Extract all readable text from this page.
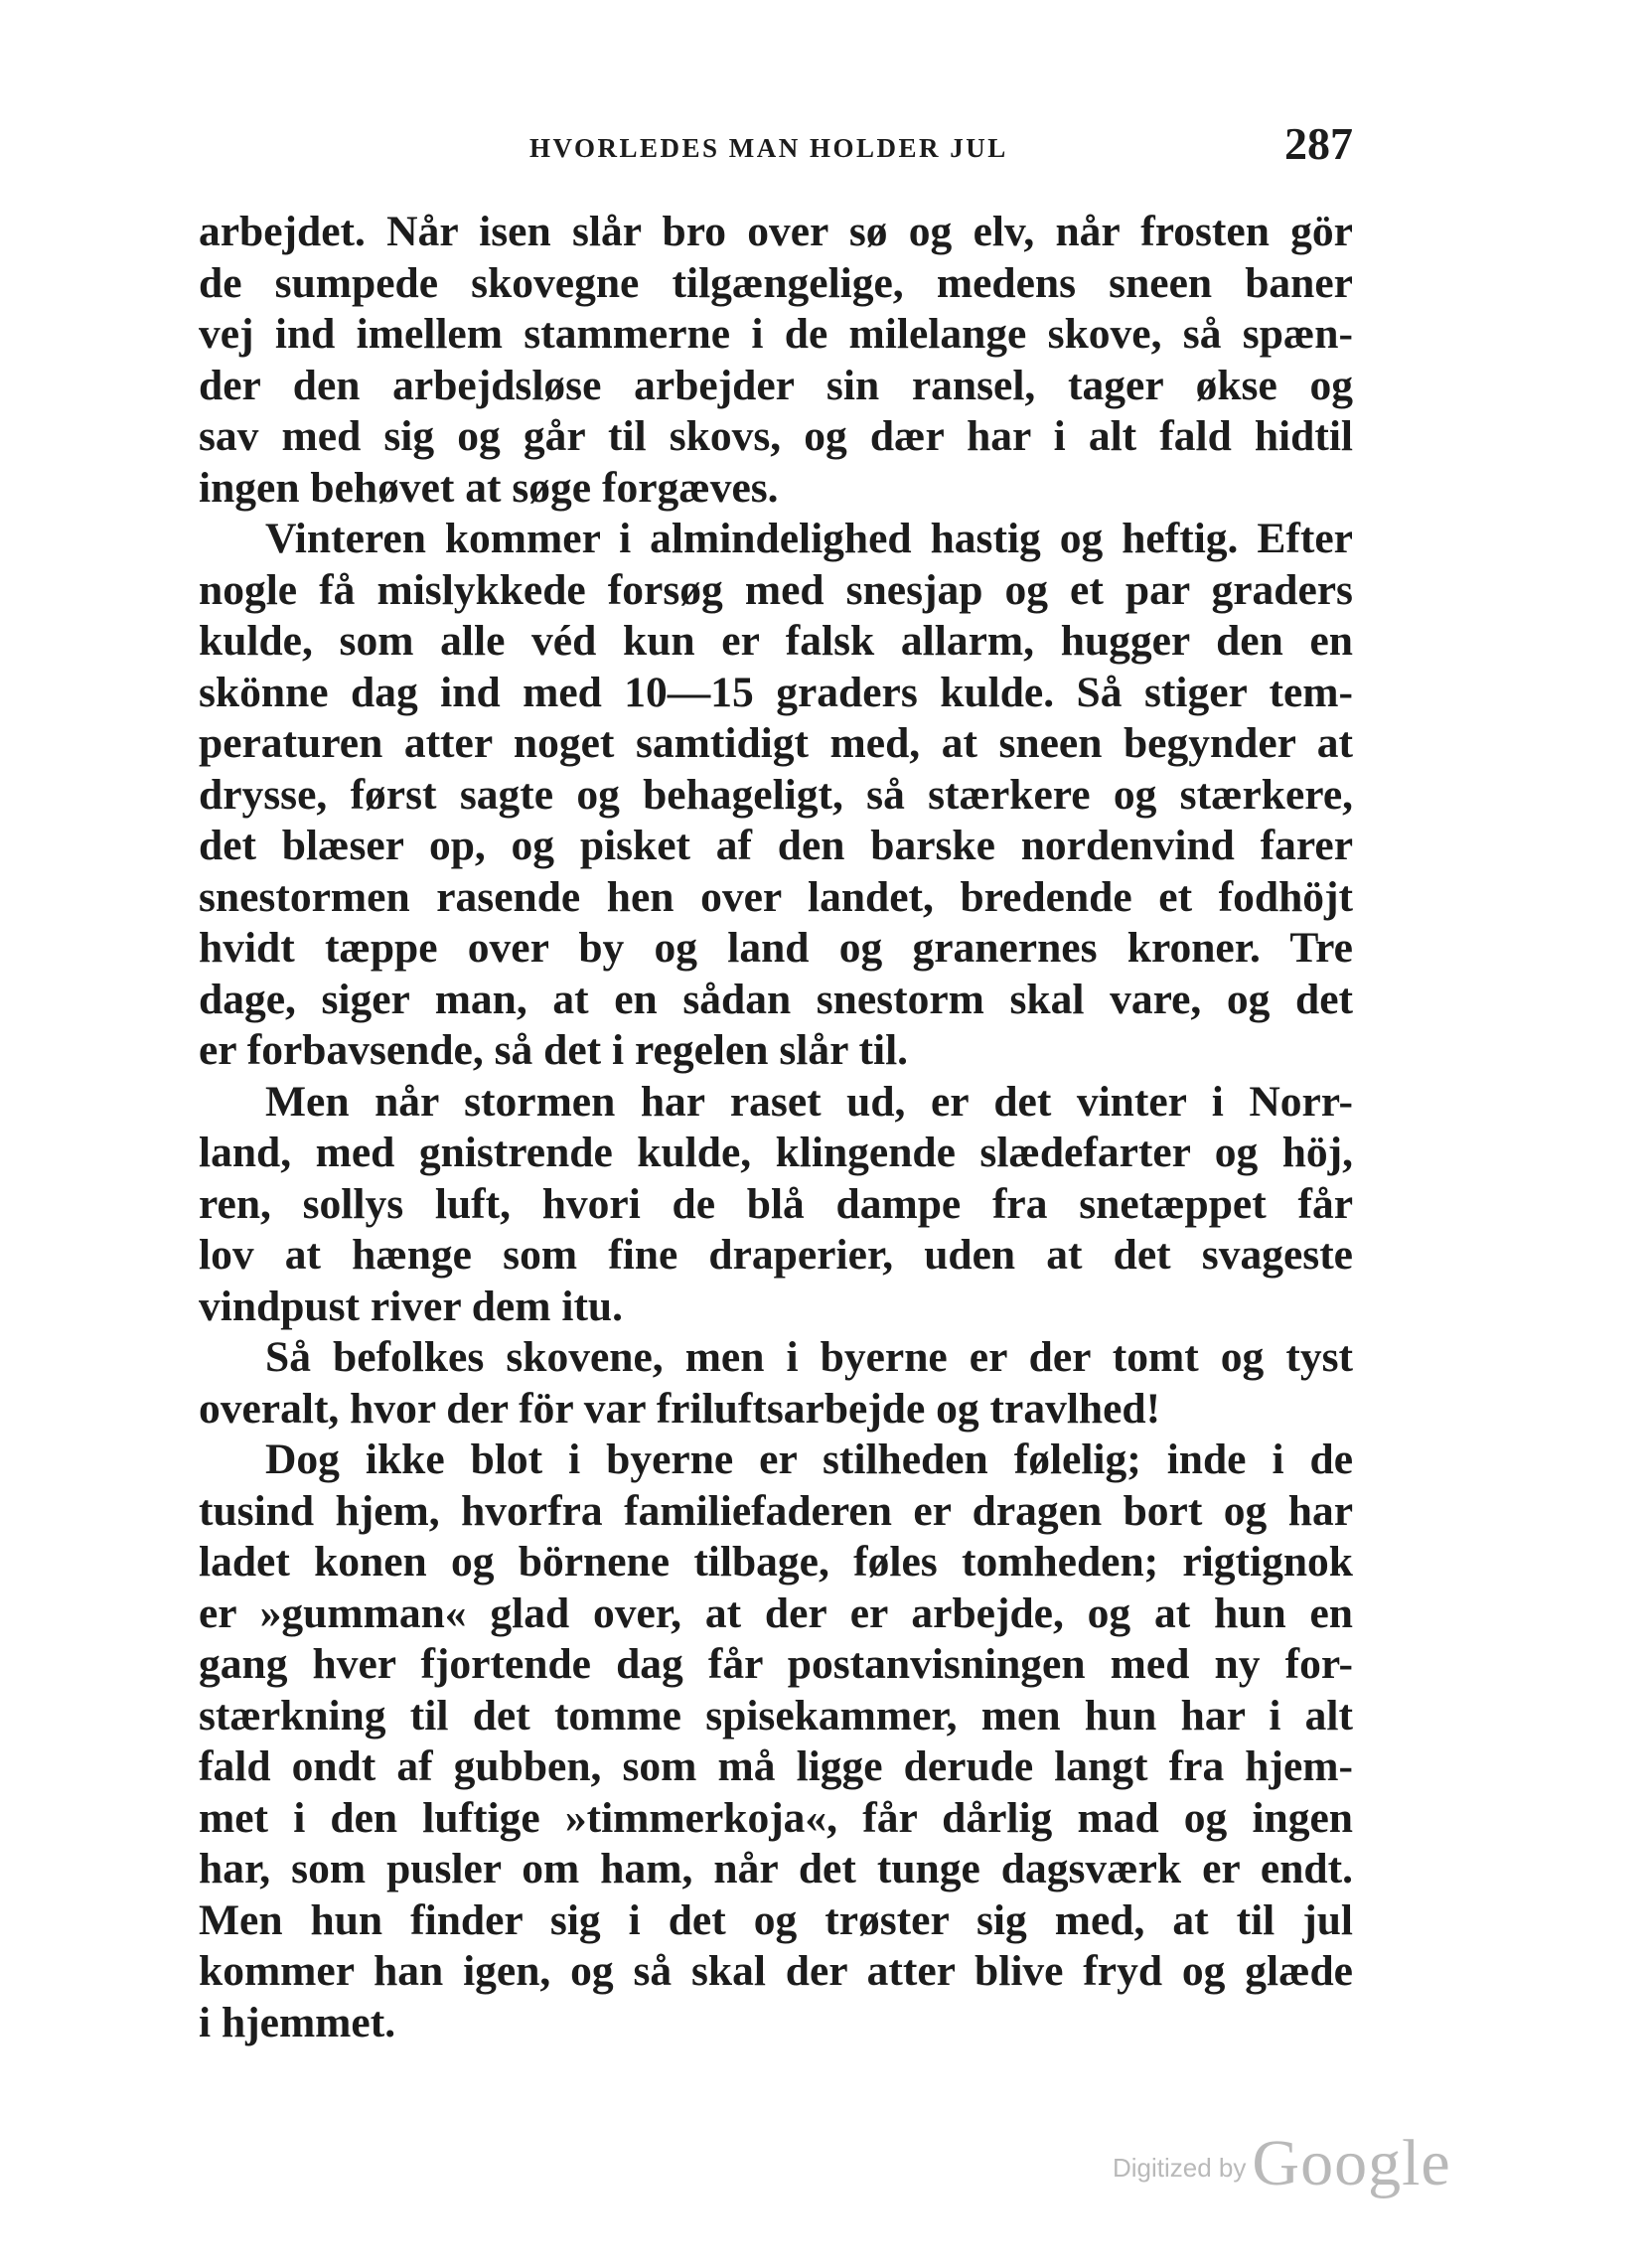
HVORLEDES MAN HOLDER JUL	287
arbejdet. Når isen slår bro over sø og elv, når frosten gör
de sumpede skovegne tilgængelige, medens sneen baner
vej ind imellem stammerne i de milelange skove, så spæn-
der den arbejdsløse arbejder sin ransel, tager økse og
sav med sig og går til skovs, og dær har i alt fald hidtil
ingen behøvet at søge forgæves.
Vinteren kommer i almindelighed hastig og heftig. Efter
nogle få mislykkede forsøg med snesjap og et par graders
kulde, som alle véd kun er falsk allarm, hugger den en
skönne dag ind med 10—15 graders kulde. Så stiger tem-
peraturen atter noget samtidigt med, at sneen begynder at
drysse, først sagte og behageligt, så stærkere og stærkere,
det blæser op, og pisket af den barske nordenvind farer
snestormen rasende hen over landet, bredende et fodhöjt
hvidt tæppe over by og land og granernes kroner. Tre
dage, siger man, at en sådan snestorm skal vare, og det
er forbavsende, så det i regelen slår til.
Men når stormen har raset ud, er det vinter i Norr-
land, med gnistrende kulde, klingende slædefarter og höj,
ren, sollys luft, hvori de blå dampe fra snetæppet får
lov at hænge som fine draperier, uden at det svageste
vindpust river dem itu.
Så befolkes skovene, men i byerne er der tomt og tyst
overalt, hvor der för var friluftsarbejde og travlhed!
Dog ikke blot i byerne er stilheden følelig; inde i de
tusind hjem, hvorfra familiefaderen er dragen bort og har
ladet konen og börnene tilbage, føles tomheden; rigtignok
er »gumman« glad over, at der er arbejde, og at hun en
gang hver fjortende dag får postanvisningen med ny for-
stærkning til det tomme spisekammer, men hun har i alt
fald ondt af gubben, som må ligge derude langt fra hjem-
met i den luftige »timmerkoja«, får dårlig mad og ingen
har, som pusler om ham, når det tunge dagsværk er endt.
Men hun finder sig i det og trøster sig med, at til jul
kommer han igen, og så skal der atter blive fryd og glæde
i hjemmet.
Digitized byGoogle
